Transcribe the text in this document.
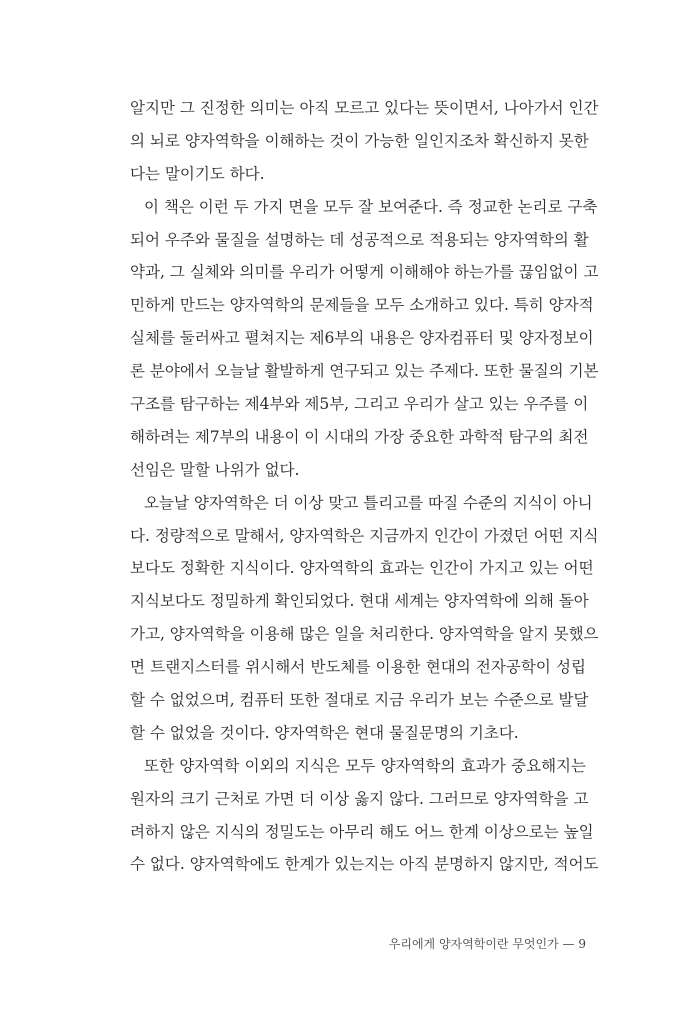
알지만 그 진정한 의미는 아직 모르고 있다는 뜻이면서, 나아가서 인간
의 뇌로 양자역학을 이해하는 것이 가능한 일인지조차 확신하지 못한
다는 말이기도 하다.
이 책은 이런 두 가지 면을 모두 잘 보여준다. 즉 정교한 논리로 구축
되어 우주와 물질을 설명하는 데 성공적으로 적용되는 양자역학의 활
약과, 그 실체와 의미를 우리가 어떻게 이해해야 하는가를 끊임없이 고
민하게 만드는 양자역학의 문제들을 모두 소개하고 있다. 특히 양자적
실체를 둘러싸고 펼쳐지는 제6부의 내용은 양자컴퓨터 및 양자정보이
론 분야에서 오늘날 활발하게 연구되고 있는 주제다. 또한 물질의 기본
구조를 탐구하는 제4부와 제5부, 그리고 우리가 살고 있는 우주를 이
해하려는 제7부의 내용이 이 시대의 가장 중요한 과학적 탐구의 최전
선임은 말할 나위가 없다.
오늘날 양자역학은 더 이상 맞고 틀리고를 따질 수준의 지식이 아니
다. 정량적으로 말해서, 양자역학은 지금까지 인간이 가졌던 어떤 지식
보다도 정확한 지식이다. 양자역학의 효과는 인간이 가지고 있는 어떤
지식보다도 정밀하게 확인되었다. 현대 세계는 양자역학에 의해 돌아
가고, 양자역학을 이용해 많은 일을 처리한다. 양자역학을 알지 못했으
면 트랜지스터를 위시해서 반도체를 이용한 현대의 전자공학이 성립
할 수 없었으며, 컴퓨터 또한 절대로 지금 우리가 보는 수준으로 발달
할 수 없었을 것이다. 양자역학은 현대 물질문명의 기초다.
또한 양자역학 이외의 지식은 모두 양자역학의 효과가 중요해지는
원자의 크기 근처로 가면 더 이상 옳지 않다. 그러므로 양자역학을 고
려하지 않은 지식의 정밀도는 아무리 해도 어느 한계 이상으로는 높일
수 없다. 양자역학에도 한계가 있는지는 아직 분명하지 않지만, 적어도
우리에게 양자역학이란 무엇인가 — 9
